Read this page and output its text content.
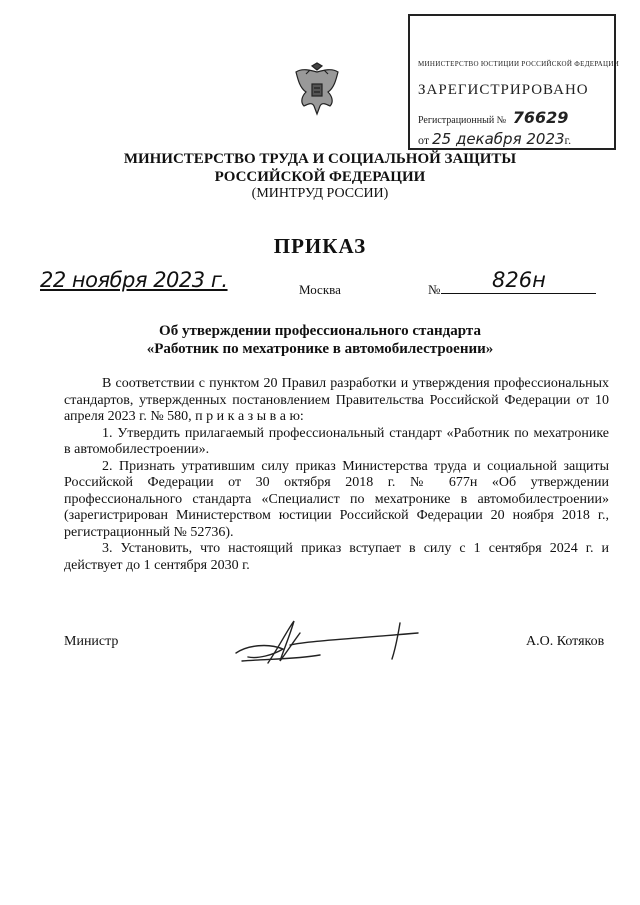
МИНИСТЕРСТВО ЮСТИЦИИ РОССИЙСКОЙ ФЕДЕРАЦИИ
ЗАРЕГИСТРИРОВАНО
Регистрационный № 76629
от 25 декабря 2023г.
МИНИСТЕРСТВО ТРУДА И СОЦИАЛЬНОЙ ЗАЩИТЫ
РОССИЙСКОЙ ФЕДЕРАЦИИ
(МИНТРУД РОССИИ)
ПРИКАЗ
22 ноября 2023 г.	Москва	№ 826н
Об утверждении профессионального стандарта
«Работник по мехатронике в автомобилестроении»

В соответствии с пунктом 20 Правил разработки и утверждения профессиональных стандартов, утвержденных постановлением Правительства Российской Федерации от 10 апреля 2023 г. № 580, п р и к а з ы в а ю:

1. Утвердить прилагаемый профессиональный стандарт «Работник по мехатронике в автомобилестроении».

2. Признать утратившим силу приказ Министерства труда и социальной защиты Российской Федерации от 30 октября 2018 г. № 677н «Об утверждении профессионального стандарта «Специалист по мехатронике в автомобилестроении» (зарегистрирован Министерством юстиции Российской Федерации 20 ноября 2018 г., регистрационный № 52736).

3. Установить, что настоящий приказ вступает в силу с 1 сентября 2024 г. и действует до 1 сентября 2030 г.

Министр	А.О. Котяков
